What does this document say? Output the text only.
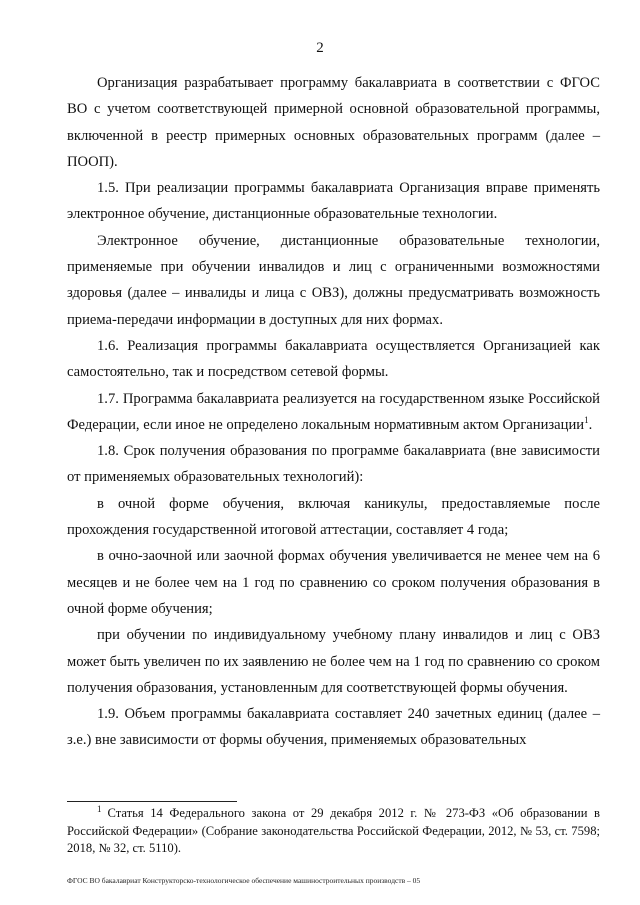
2

Организация разрабатывает программу бакалавриата в соответствии с ФГОС ВО с учетом соответствующей примерной основной образовательной программы, включенной в реестр примерных основных образовательных программ (далее – ПООП).

1.5. При реализации программы бакалавриата Организация вправе применять электронное обучение, дистанционные образовательные технологии.

Электронное обучение, дистанционные образовательные технологии, применяемые при обучении инвалидов и лиц с ограниченными возможностями здоровья (далее – инвалиды и лица с ОВЗ), должны предусматривать возможность приема-передачи информации в доступных для них формах.

1.6. Реализация программы бакалавриата осуществляется Организацией как самостоятельно, так и посредством сетевой формы.

1.7. Программа бакалавриата реализуется на государственном языке Российской Федерации, если иное не определено локальным нормативным актом Организации$^1$.

1.8. Срок получения образования по программе бакалавриата (вне зависимости от применяемых образовательных технологий):

в очной форме обучения, включая каникулы, предоставляемые после прохождения государственной итоговой аттестации, составляет 4 года;

в очно-заочной или заочной формах обучения увеличивается не менее чем на 6 месяцев и не более чем на 1 год по сравнению со сроком получения образования в очной форме обучения;

при обучении по индивидуальному учебному плану инвалидов и лиц с ОВЗ может быть увеличен по их заявлению не более чем на 1 год по сравнению со сроком получения образования, установленным для соответствующей формы обучения.

1.9. Объем программы бакалавриата составляет 240 зачетных единиц (далее – з.е.) вне зависимости от формы обучения, применяемых образовательных

$^1$ Статья 14 Федерального закона от 29 декабря 2012 г. № 273-ФЗ «Об образовании в Российской Федерации» (Собрание законодательства Российской Федерации, 2012, № 53, ст. 7598; 2018, № 32, ст. 5110).

ФГОС ВО бакалавриат Конструкторско-технологическое обеспечение машиностроительных производств – 05
